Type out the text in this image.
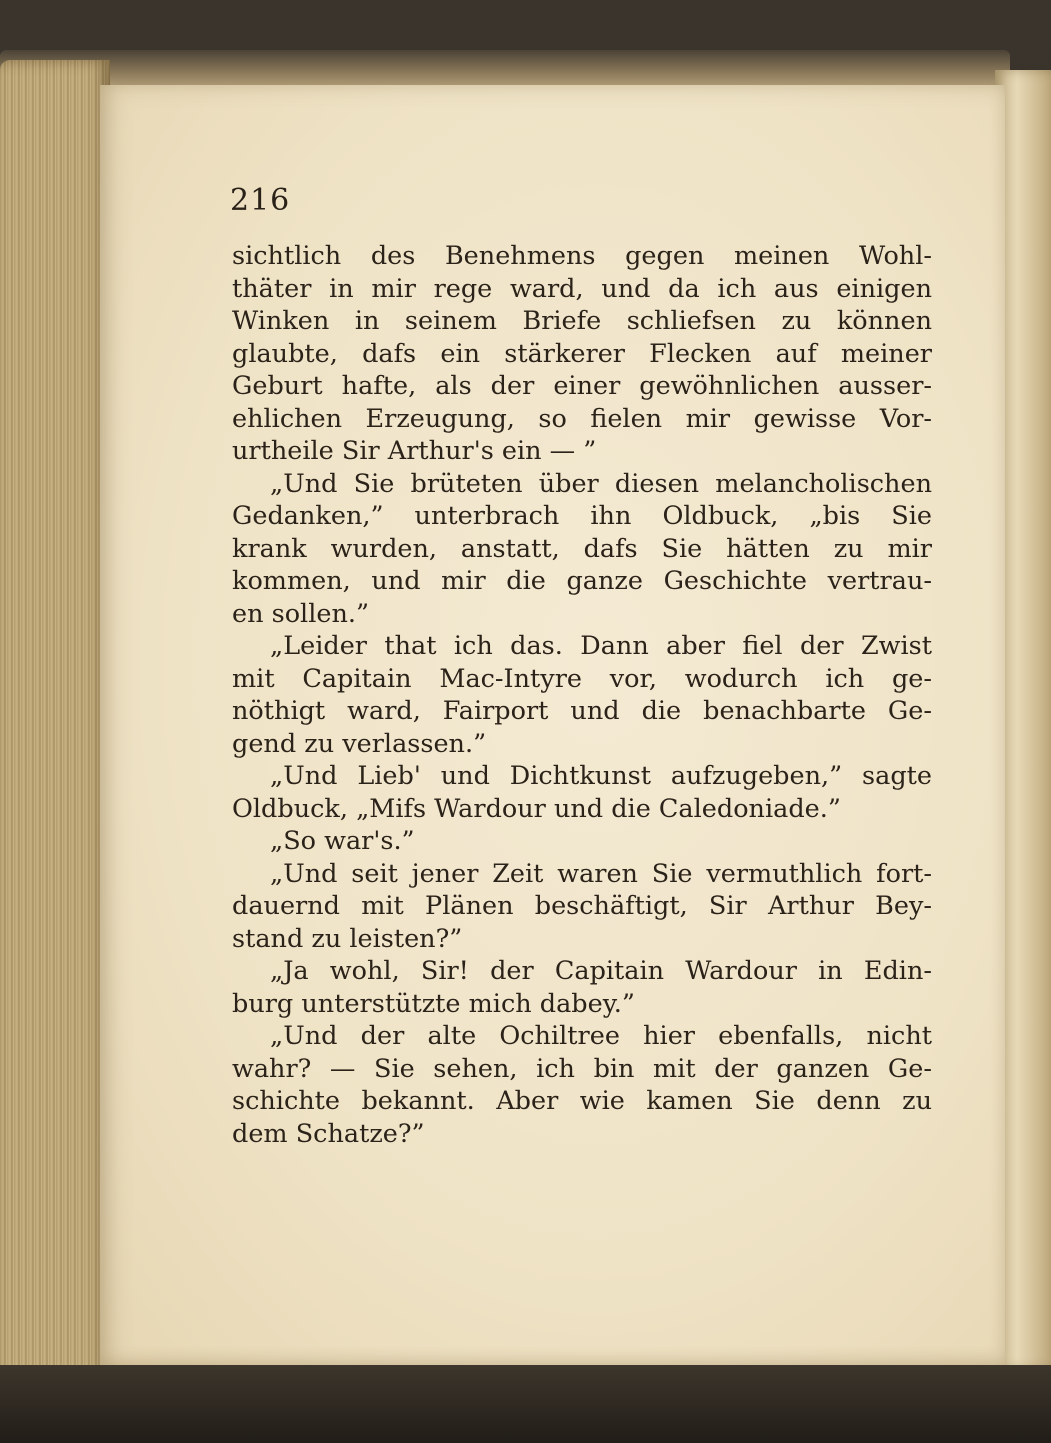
216
sichtlich des Benehmens gegen meinen Wohl-
thäter in mir rege ward, und da ich aus einigen
Winken in seinem Briefe schliefsen zu können
glaubte, dafs ein stärkerer Flecken auf meiner
Geburt hafte, als der einer gewöhnlichen ausser-
ehlichen Erzeugung, so fielen mir gewisse Vor-
urtheile Sir Arthur's ein — ”
„Und Sie brüteten über diesen melancholischen
Gedanken,” unterbrach ihn Oldbuck, „bis Sie
krank wurden, anstatt, dafs Sie hätten zu mir
kommen, und mir die ganze Geschichte vertrau-
en sollen.”
„Leider that ich das. Dann aber fiel der Zwist
mit Capitain Mac-Intyre vor, wodurch ich ge-
nöthigt ward, Fairport und die benachbarte Ge-
gend zu verlassen.”
„Und Lieb' und Dichtkunst aufzugeben,” sagte
Oldbuck, „Mifs Wardour und die Caledoniade.”
„So war's.”
„Und seit jener Zeit waren Sie vermuthlich fort-
dauernd mit Plänen beschäftigt, Sir Arthur Bey-
stand zu leisten?”
„Ja wohl, Sir! der Capitain Wardour in Edin-
burg unterstützte mich dabey.”
„Und der alte Ochiltree hier ebenfalls, nicht
wahr? — Sie sehen, ich bin mit der ganzen Ge-
schichte bekannt. Aber wie kamen Sie denn zu
dem Schatze?”
